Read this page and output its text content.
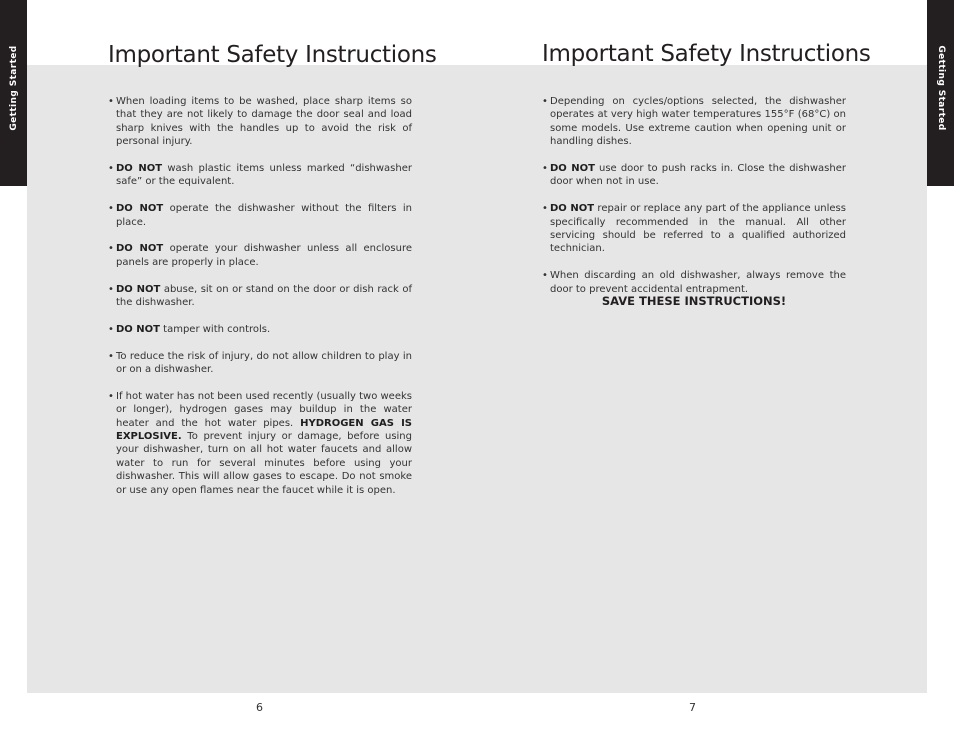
Getting Started	Getting Started
Important Safety Instructions
• When loading items to be washed, place sharp items so that they are not likely to damage the door seal and load sharp knives with the handles up to avoid the risk of personal injury.
• DO NOT wash plastic items unless marked “dishwasher safe” or the equivalent.
• DO NOT operate the dishwasher without the filters in place.
• DO NOT operate your dishwasher unless all enclosure panels are properly in place.
• DO NOT abuse, sit on or stand on the door or dish rack of the dishwasher.
• DO NOT tamper with controls.
• To reduce the risk of injury, do not allow children to play in or on a dishwasher.
• If hot water has not been used recently (usually two weeks or longer), hydrogen gases may buildup in the water heater and the hot water pipes. HYDROGEN GAS IS EXPLOSIVE. To prevent injury or damage, before using your dishwasher, turn on all hot water faucets and allow water to run for several minutes before using your dishwasher. This will allow gases to escape. Do not smoke or use any open flames near the faucet while it is open.
6
Important Safety Instructions
• Depending on cycles/options selected, the dishwasher operates at very high water temperatures 155°F (68°C) on some models. Use extreme caution when opening unit or handling dishes.
• DO NOT use door to push racks in. Close the dishwasher door when not in use.
• DO NOT repair or replace any part of the appliance unless specifically recommended in the manual. All other servicing should be referred to a qualified authorized technician.
• When discarding an old dishwasher, always remove the door to prevent accidental entrapment.
SAVE THESE INSTRUCTIONS!
7
